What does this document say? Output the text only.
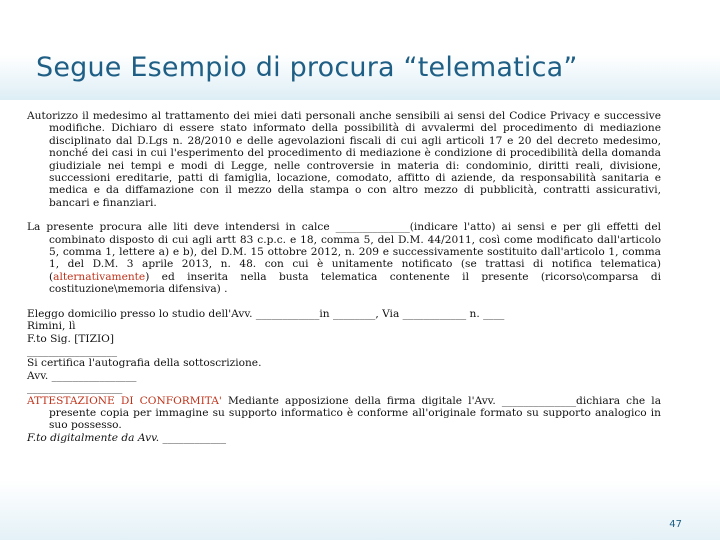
Segue Esempio di procura “telematica”

Autorizzo il medesimo al trattamento dei miei dati personali anche sensibili ai sensi del Codice Privacy e successive modifiche. Dichiaro di essere stato informato della possibilità di avvalermi del procedimento di mediazione disciplinato dal D.Lgs n. 28/2010 e delle agevolazioni fiscali di cui agli articoli 17 e 20 del decreto medesimo, nonché dei casi in cui l'esperimento del procedimento di mediazione è condizione di procedibilità della domanda giudiziale nei tempi e modi di Legge, nelle controversie in materia di: condominio, diritti reali, divisione, successioni ereditarie, patti di famiglia, locazione, comodato, affitto di aziende, da responsabilità sanitaria e medica e da diffamazione con il mezzo della stampa o con altro mezzo di pubblicità, contratti assicurativi, bancari e finanziari.

La presente procura alle liti deve intendersi in calce ______________(indicare l'atto) ai sensi e per gli effetti del combinato disposto di cui agli artt 83 c.p.c. e 18, comma 5, del D.M. 44/2011, così come modificato dall'articolo 5, comma 1, lettere a) e b), del D.M. 15 ottobre 2012, n. 209 e successivamente sostituito dall'articolo 1, comma 1, del D.M. 3 aprile 2013, n. 48. con cui è unitamente notificato (se trattasi di notifica telematica) (alternativamente) ed inserita nella busta telematica contenente il presente (ricorso\comparsa di costituzione\memoria difensiva) .

Eleggo domicilio presso lo studio dell'Avv. ____________in ________, Via ____________ n. ____

Rimini, lì

F.to Sig. [TIZIO]

_________________

Si certifica l'autografia della sottoscrizione.

Avv. ________________

__________________

ATTESTAZIONE DI CONFORMITA' Mediante apposizione della firma digitale l'Avv. ______________dichiara che la presente copia per immagine su supporto informatico è conforme all'originale formato su supporto analogico in suo possesso.

F.to digitalmente da Avv. ____________

47
